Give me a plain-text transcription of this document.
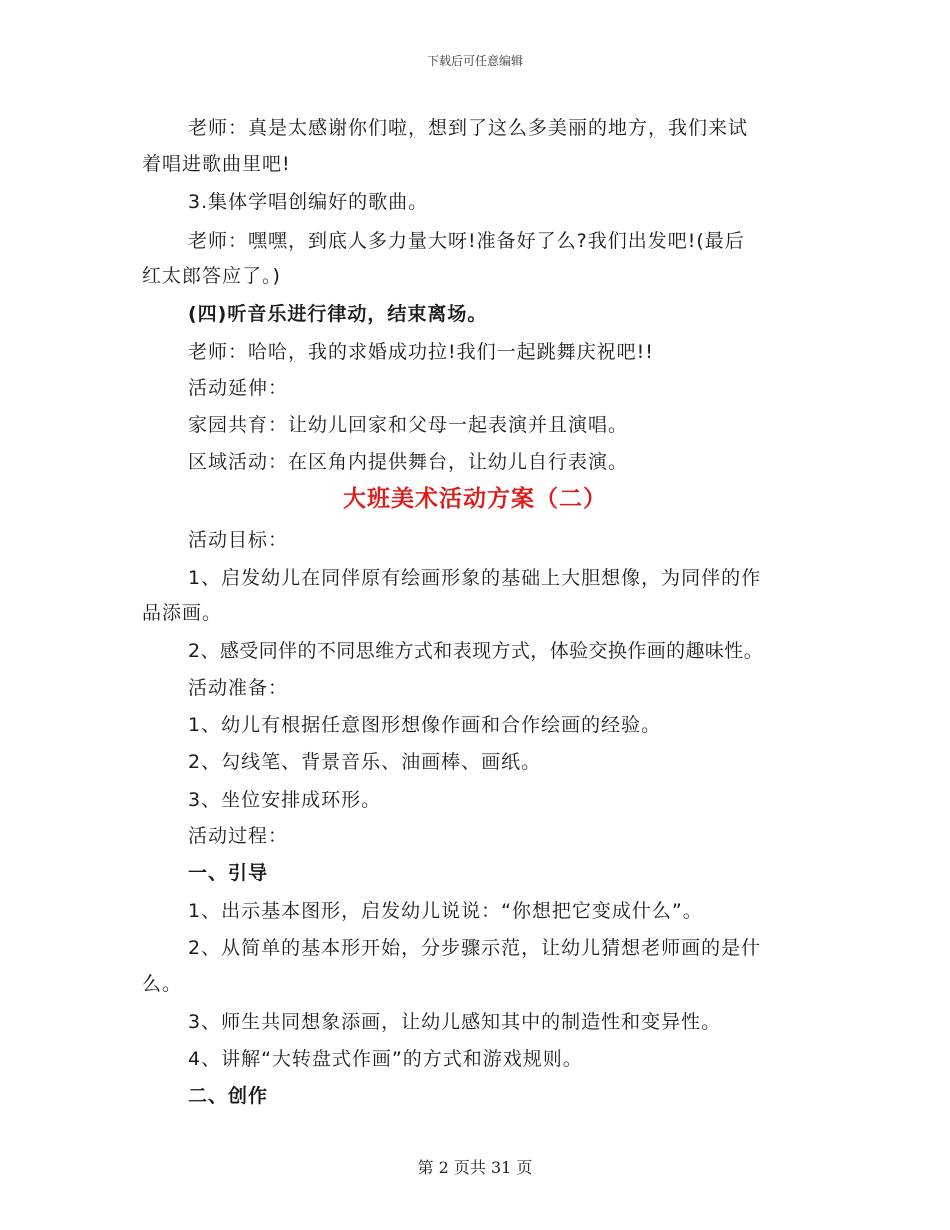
下载后可任意编辑
老师：真是太感谢你们啦，想到了这么多美丽的地方，我们来试
着唱进歌曲里吧!
3.集体学唱创编好的歌曲。
老师：嘿嘿，到底人多力量大呀!准备好了么?我们出发吧!(最后
红太郎答应了。)
(四)听音乐进行律动，结束离场。
老师：哈哈，我的求婚成功拉!我们一起跳舞庆祝吧!!
活动延伸：
家园共育：让幼儿回家和父母一起表演并且演唱。
区域活动：在区角内提供舞台，让幼儿自行表演。
大班美术活动方案（二）
活动目标：
1、启发幼儿在同伴原有绘画形象的基础上大胆想像，为同伴的作
品添画。
2、感受同伴的不同思维方式和表现方式，体验交换作画的趣味性。
活动准备：
1、幼儿有根据任意图形想像作画和合作绘画的经验。
2、勾线笔、背景音乐、油画棒、画纸。
3、坐位安排成环形。
活动过程：
一、引导
1、出示基本图形，启发幼儿说说：“你想把它变成什么”。
2、从简单的基本形开始，分步骤示范，让幼儿猜想老师画的是什
么。
3、师生共同想象添画，让幼儿感知其中的制造性和变异性。
4、讲解“大转盘式作画”的方式和游戏规则。
二、创作
第 2 页共 31 页
